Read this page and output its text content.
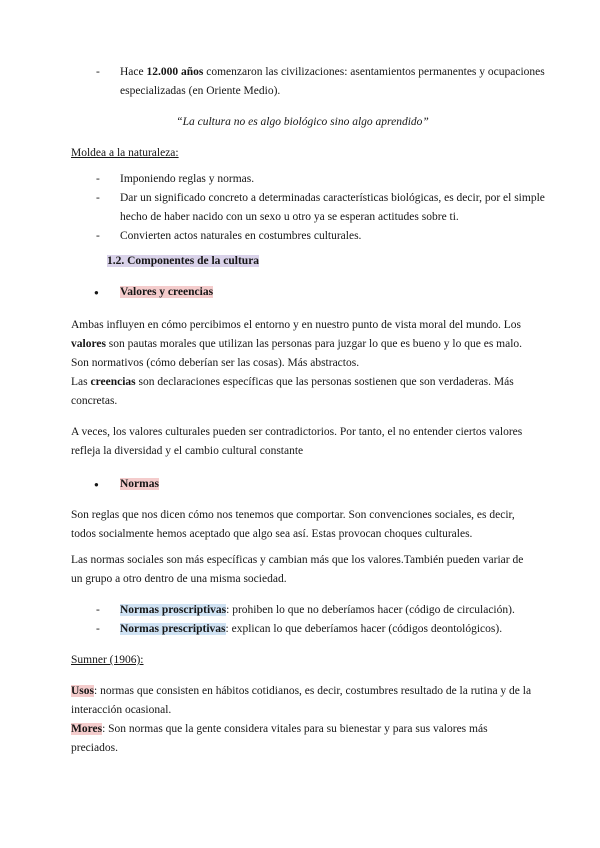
- Hace 12.000 años comenzaron las civilizaciones: asentamientos permanentes y ocupaciones especializadas (en Oriente Medio).
“La cultura no es algo biológico sino algo aprendido”
Moldea a la naturaleza:
- Imponiendo reglas y normas.
- Dar un significado concreto a determinadas características biológicas, es decir, por el simple hecho de haber nacido con un sexo u otro ya se esperan actitudes sobre ti.
- Convierten actos naturales en costumbres culturales.
1.2. Componentes de la cultura
● Valores y creencias

Ambas influyen en cómo percibimos el entorno y en nuestro punto de vista moral del mundo. Los valores son pautas morales que utilizan las personas para juzgar lo que es bueno y lo que es malo. Son normativos (cómo deberían ser las cosas). Más abstractos.
Las creencias son declaraciones específicas que las personas sostienen que son verdaderas. Más concretas.

A veces, los valores culturales pueden ser contradictorios. Por tanto, el no entender ciertos valores refleja la diversidad y el cambio cultural constante

● Normas

Son reglas que nos dicen cómo nos tenemos que comportar. Son convenciones sociales, es decir, todos socialmente hemos aceptado que algo sea así. Estas provocan choques culturales.

Las normas sociales son más específicas y cambian más que los valores.También pueden variar de un grupo a otro dentro de una misma sociedad.

- Normas proscriptivas: prohiben lo que no deberíamos hacer (código de circulación).
- Normas prescriptivas: explican lo que deberíamos hacer (códigos deontológicos).
Sumner (1906):

Usos: normas que consisten en hábitos cotidianos, es decir, costumbres resultado de la rutina y de la interacción ocasional.
Mores: Son normas que la gente considera vitales para su bienestar y para sus valores más preciados.
